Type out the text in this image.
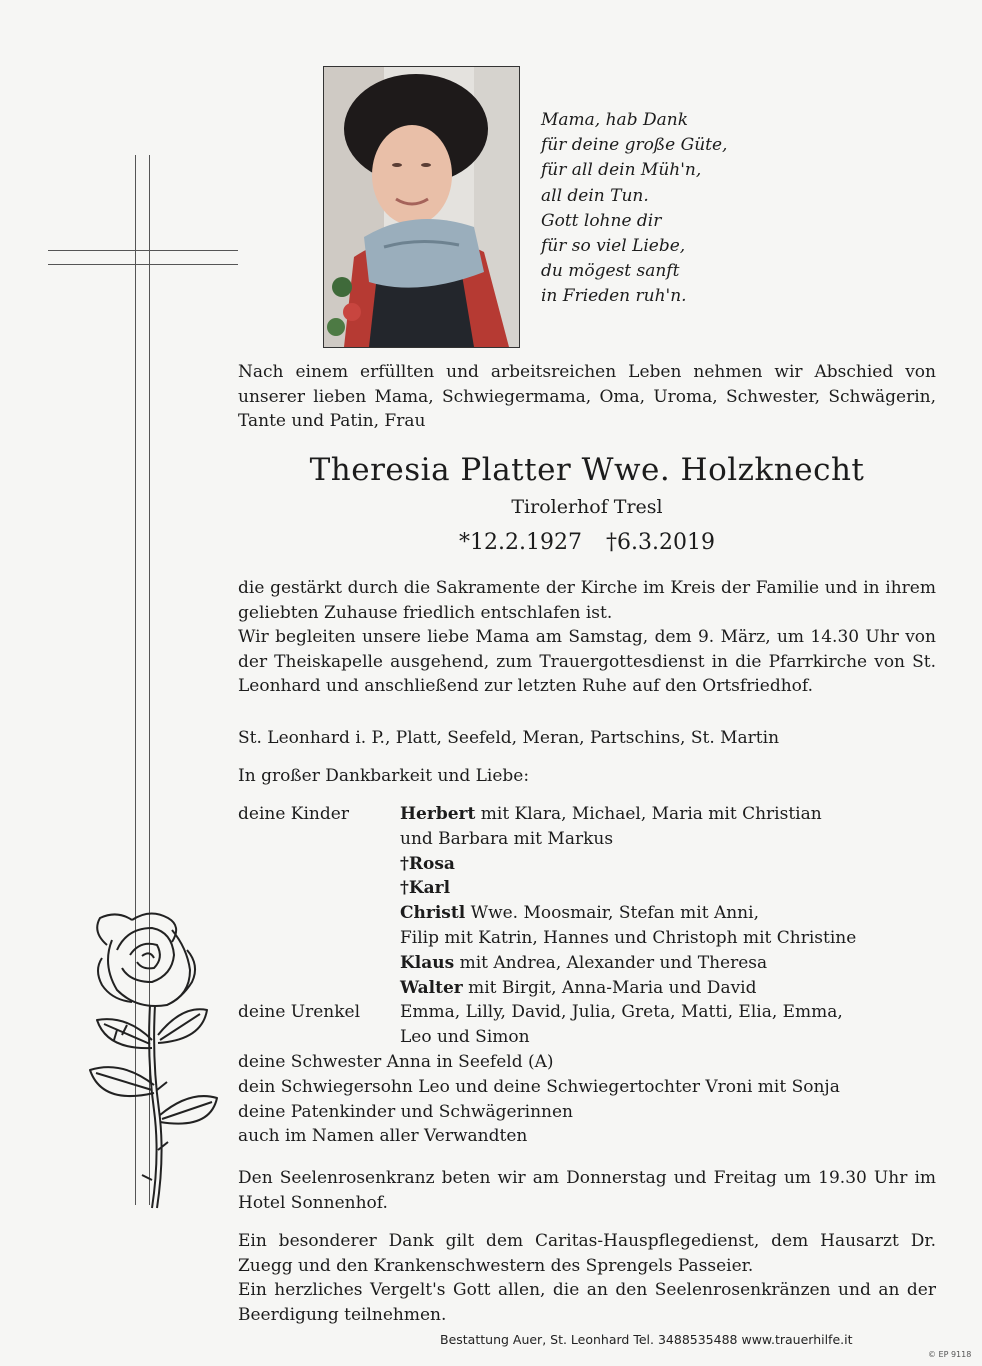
Mama, hab Dank
für deine große Güte,
für all dein Müh'n,
all dein Tun.
Gott lohne dir
für so viel Liebe,
du mögest sanft
in Frieden ruh'n.
Nach einem erfüllten und arbeitsreichen Leben nehmen wir Abschied von unserer lieben Mama, Schwiegermama, Oma, Uroma, Schwester, Schwägerin, Tante und Patin, Frau
Theresia Platter Wwe. Holzknecht
Tirolerhof Tresl
*12.2.1927 †6.3.2019
die gestärkt durch die Sakramente der Kirche im Kreis der Familie und in ihrem geliebten Zuhause friedlich entschlafen ist.
Wir begleiten unsere liebe Mama am Samstag, dem 9. März, um 14.30 Uhr von der Theiskapelle ausgehend, zum Trauergottesdienst in die Pfarrkirche von St. Leonhard und anschließend zur letzten Ruhe auf den Ortsfriedhof.
St. Leonhard i. P., Platt, Seefeld, Meran, Partschins, St. Martin
In großer Dankbarkeit und Liebe:
deine Kinder	Herbert mit Klara, Michael, Maria mit Christian
und Barbara mit Markus
†Rosa
†Karl
Christl Wwe. Moosmair, Stefan mit Anni,
Filip mit Katrin, Hannes und Christoph mit Christine
Klaus mit Andrea, Alexander und Theresa
Walter mit Birgit, Anna-Maria und David
deine Urenkel Emma, Lilly, David, Julia, Greta, Matti, Elia, Emma,
Leo und Simon
deine Schwester Anna in Seefeld (A)
dein Schwiegersohn Leo und deine Schwiegertochter Vroni mit Sonja
deine Patenkinder und Schwägerinnen
auch im Namen aller Verwandten
Den Seelenrosenkranz beten wir am Donnerstag und Freitag um 19.30 Uhr im Hotel Sonnenhof.
Ein besonderer Dank gilt dem Caritas-Hauspflegedienst, dem Hausarzt Dr. Zuegg und den Krankenschwestern des Sprengels Passeier.
Ein herzliches Vergelt's Gott allen, die an den Seelenrosenkränzen und an der Beerdigung teilnehmen.
Bestattung Auer, St. Leonhard Tel. 3488535488 www.trauerhilfe.it
© EP 9118
